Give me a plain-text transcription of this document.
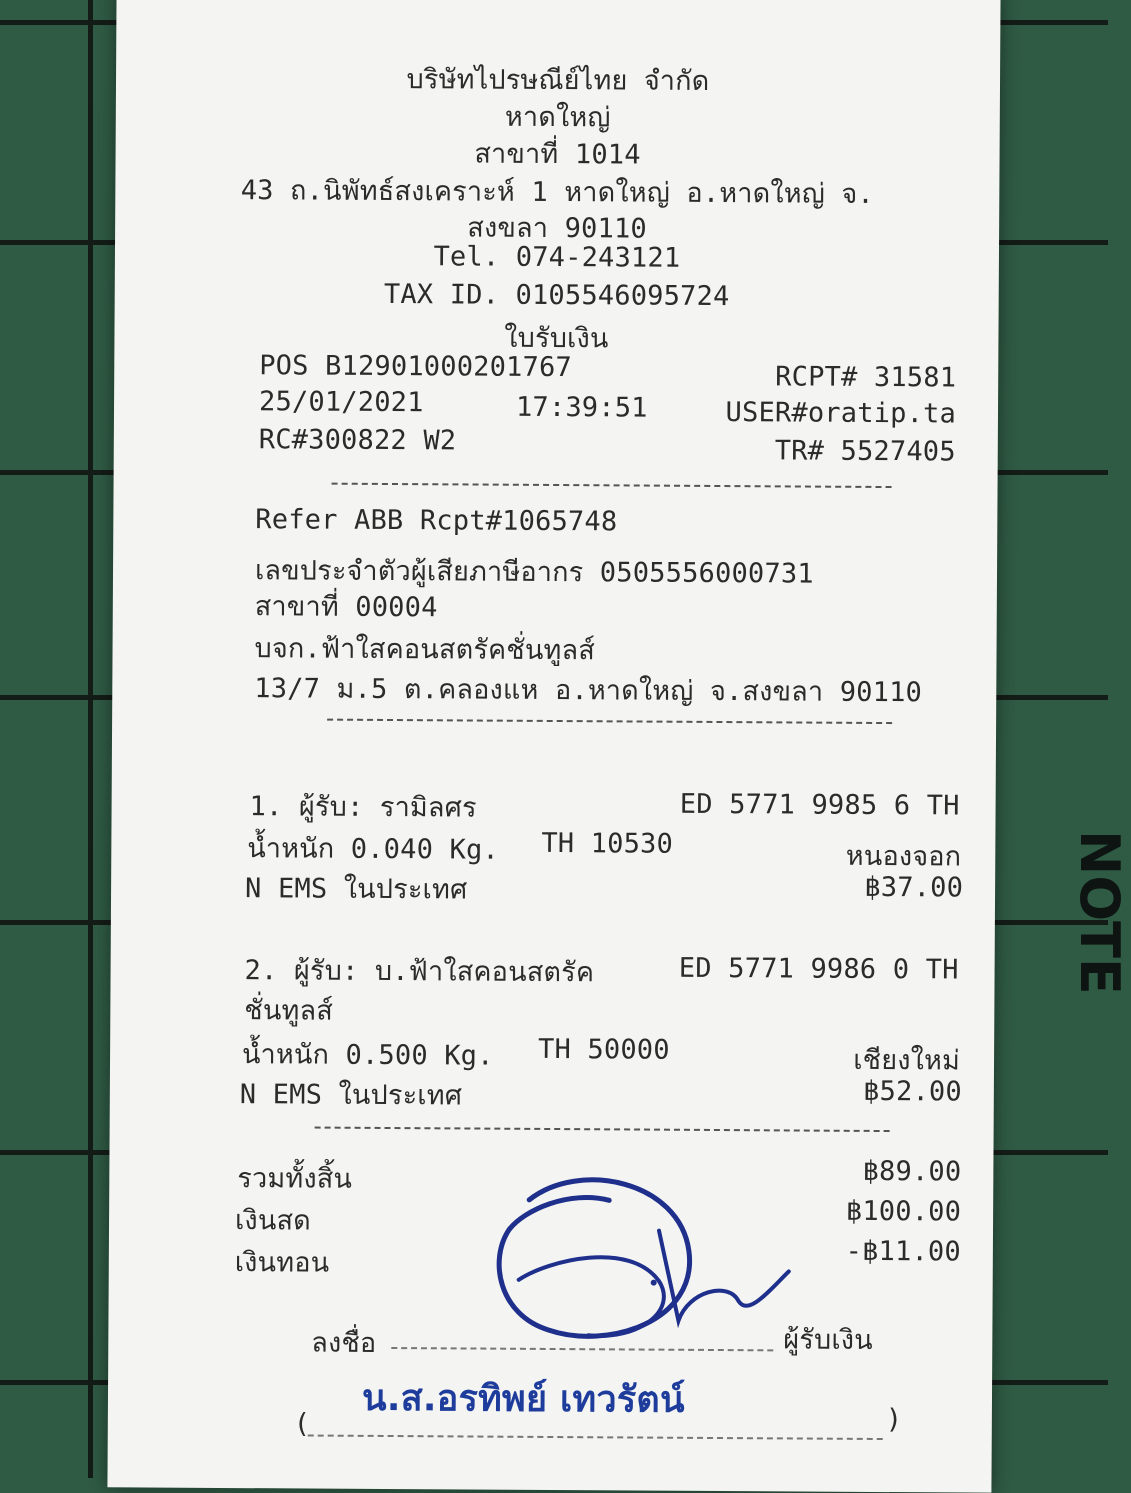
NOTE
บริษัทไปรษณีย์ไทย จำกัด
หาดใหญ่
สาขาที่ 1014
43 ถ.นิพัทธ์สงเคราะห์ 1 หาดใหญ่ อ.หาดใหญ่ จ.
สงขลา 90110
Tel. 074-243121
TAX ID. 0105546095724
ใบรับเงิน
POS B12901000201767	RCPT# 31581
25/01/2021	17:39:51	USER#oratip.ta
RC#300822 W2	TR# 5527405
Refer ABB Rcpt#1065748
เลขประจำตัวผู้เสียภาษีอากร 0505556000731
สาขาที่ 00004
บจก.ฟ้าใสคอนสตรัคชั่นทูลส์
13/7 ม.5 ต.คลองแห อ.หาดใหญ่ จ.สงขลา 90110
1. ผู้รับ: รามิลศร	ED 5771 9985 6 TH
น้ำหนัก 0.040 Kg. TH 10530	หนองจอก
N EMS ในประเทศ	฿37.00
2. ผู้รับ: บ.ฟ้าใสคอนสตรัค	ED 5771 9986 0 TH
ชั่นทูลส์
น้ำหนัก 0.500 Kg. TH 50000	เชียงใหม่
N EMS ในประเทศ	฿52.00
รวมทั้งสิ้น	฿89.00
เงินสด	฿100.00
เงินทอน	-฿11.00
ลงชื่อ	ผู้รับเงิน
(
น.ส.อรทิพย์ เทวรัตน์	)
